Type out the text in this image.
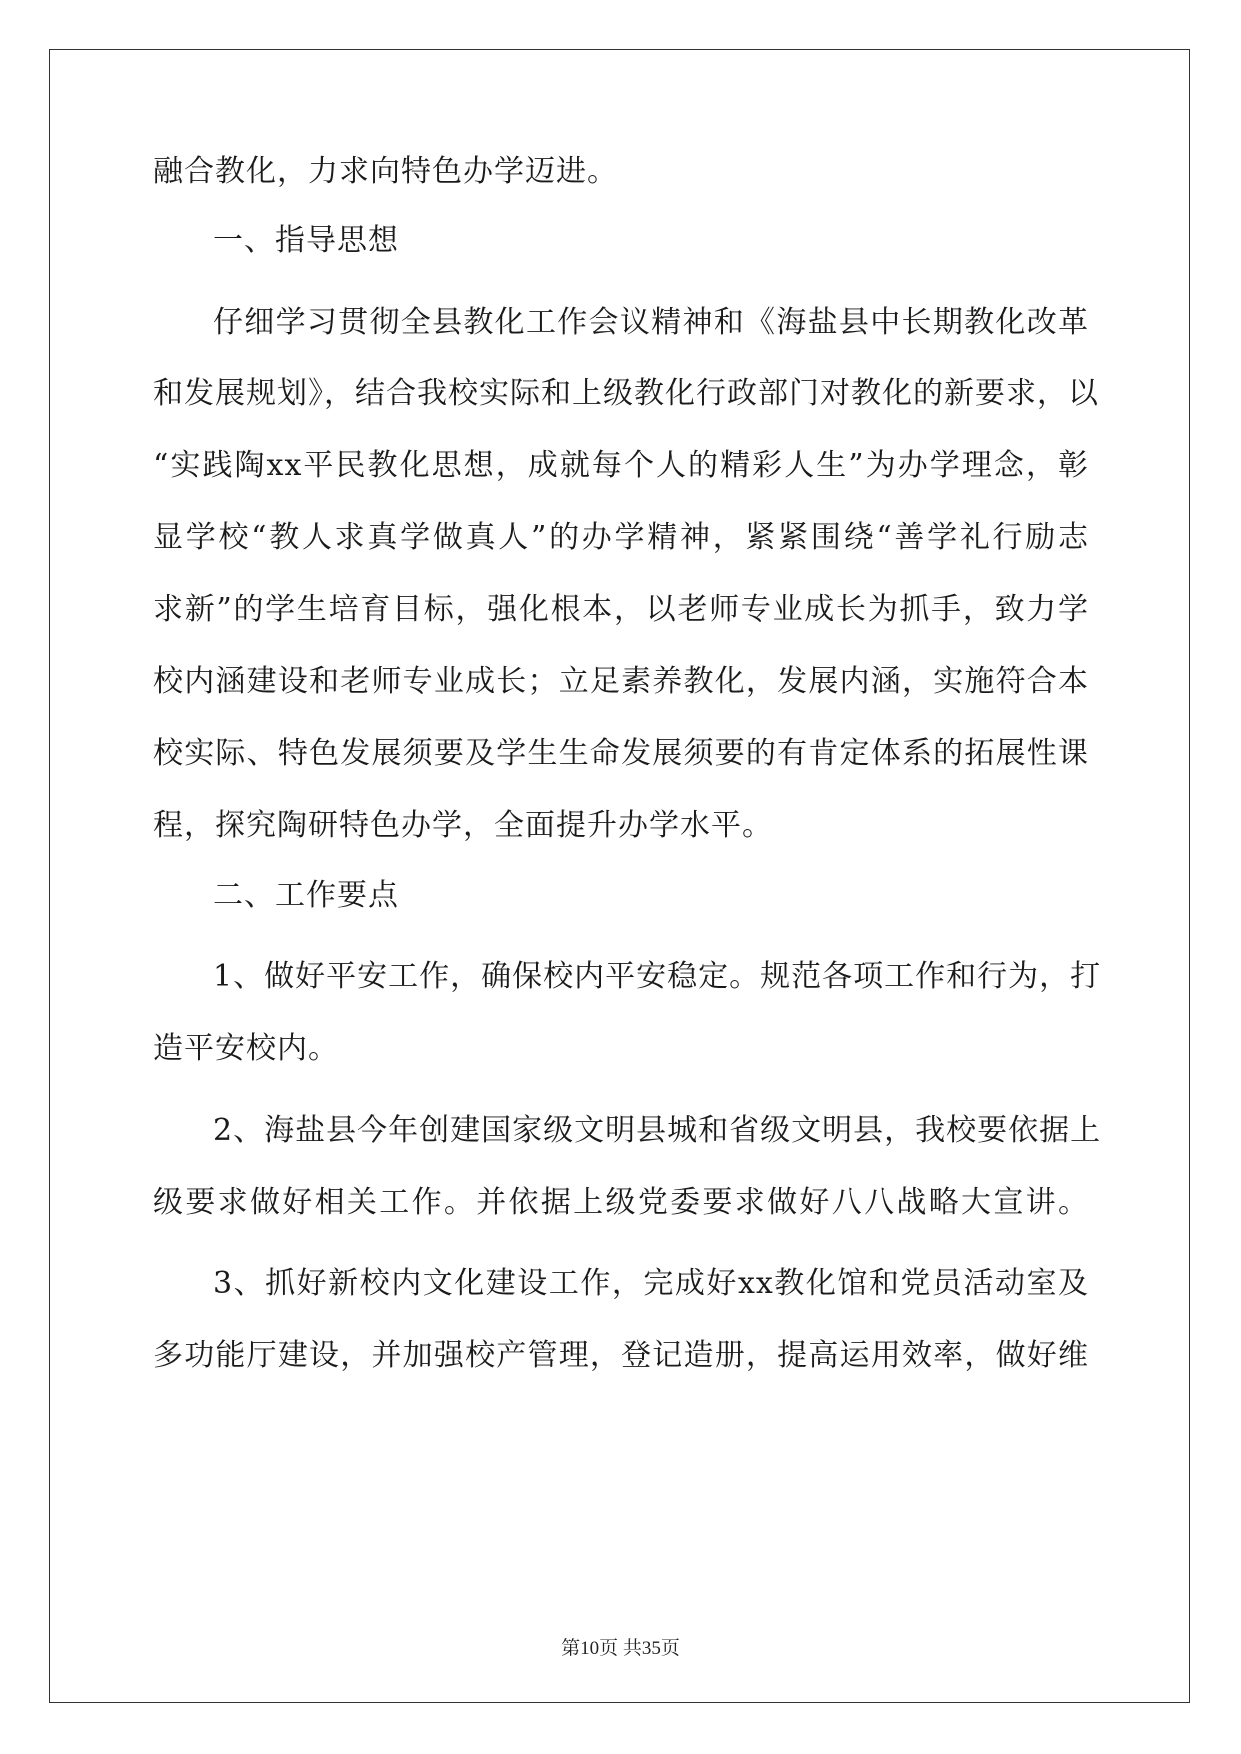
融合教化，力求向特色办学迈进。
一、指导思想
仔细学习贯彻全县教化工作会议精神和《海盐县中长期教化改革
和发展规划》，结合我校实际和上级教化行政部门对教化的新要求，以
“实践陶xx平民教化思想，成就每个人的精彩人生”为办学理念，彰
显学校“教人求真学做真人”的办学精神，紧紧围绕“善学礼行励志
求新”的学生培育目标，强化根本，以老师专业成长为抓手，致力学
校内涵建设和老师专业成长；立足素养教化，发展内涵，实施符合本
校实际、特色发展须要及学生生命发展须要的有肯定体系的拓展性课
程，探究陶研特色办学，全面提升办学水平。
二、工作要点
1、做好平安工作，确保校内平安稳定。规范各项工作和行为，打
造平安校内。
2、海盐县今年创建国家级文明县城和省级文明县，我校要依据上
级要求做好相关工作。并依据上级党委要求做好八八战略大宣讲。
3、抓好新校内文化建设工作，完成好xx教化馆和党员活动室及
多功能厅建设，并加强校产管理，登记造册，提高运用效率，做好维
第10页 共35页
